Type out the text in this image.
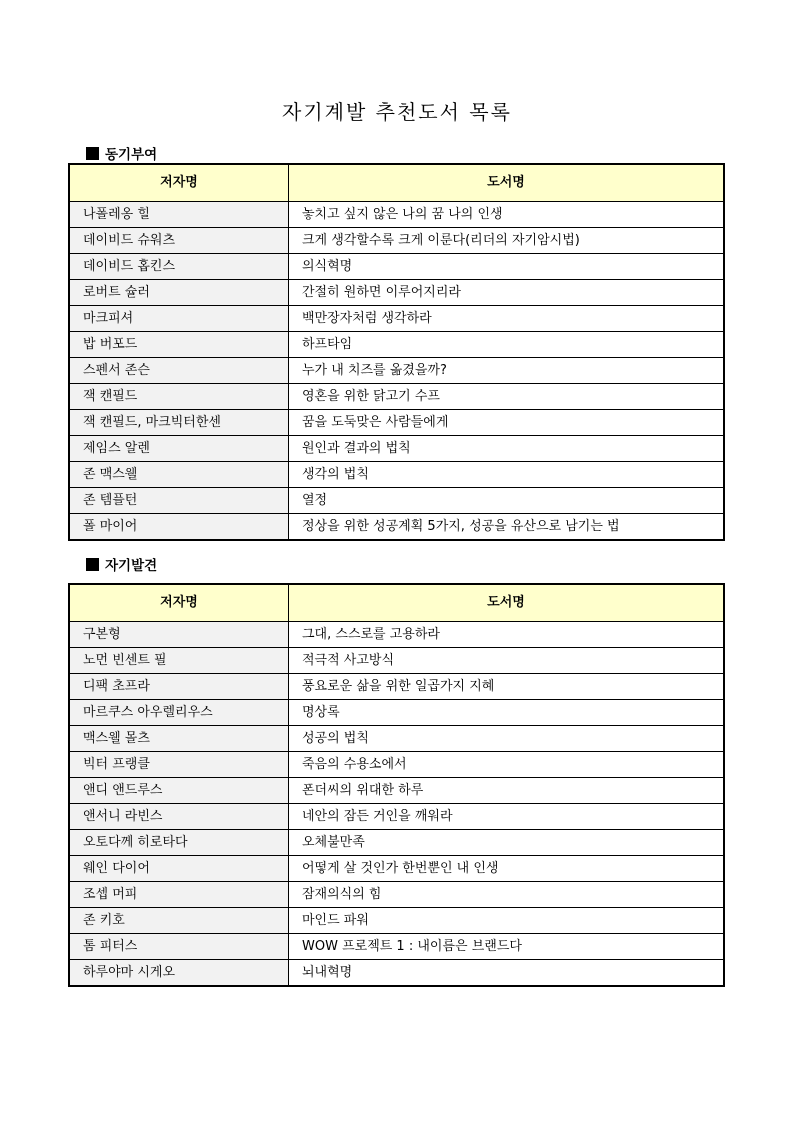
자기계발 추천도서 목록
동기부여
저자명	도서명
나폴레옹 힐	놓치고 싶지 않은 나의 꿈 나의 인생
데이비드 슈워츠	크게 생각할수록 크게 이룬다(리더의 자기암시법)
데이비드 홉킨스	의식혁명
로버트 슐러	간절히 원하면 이루어지리라
마크피셔	백만장자처럼 생각하라
밥 버포드	하프타임
스펜서 존슨	누가 내 치즈를 옮겼을까?
잭 캔필드	영혼을 위한 닭고기 수프
잭 캔필드, 마크빅터한센	꿈을 도둑맞은 사람들에게
제임스 알렌	원인과 결과의 법칙
존 맥스웰	생각의 법칙
존 템플턴	열정
폴 마이어	정상을 위한 성공계획 5가지, 성공을 유산으로 남기는 법
자기발견
저자명	도서명
구본형	그대, 스스로를 고용하라
노먼 빈센트 필	적극적 사고방식
디팩 초프라	풍요로운 삶을 위한 일곱가지 지혜
마르쿠스 아우렐리우스	명상록
맥스웰 몰츠	성공의 법칙
빅터 프랭클	죽음의 수용소에서
앤디 앤드루스	폰더씨의 위대한 하루
앤서니 라빈스	네안의 잠든 거인을 깨워라
오토다께 히로타다	오체불만족
웨인 다이어	어떻게 살 것인가 한번뿐인 내 인생
조셉 머피	잠재의식의 힘
존 키호	마인드 파워
톰 피터스	WOW 프로젝트 1 : 내이름은 브랜드다
하루야마 시게오	뇌내혁명
